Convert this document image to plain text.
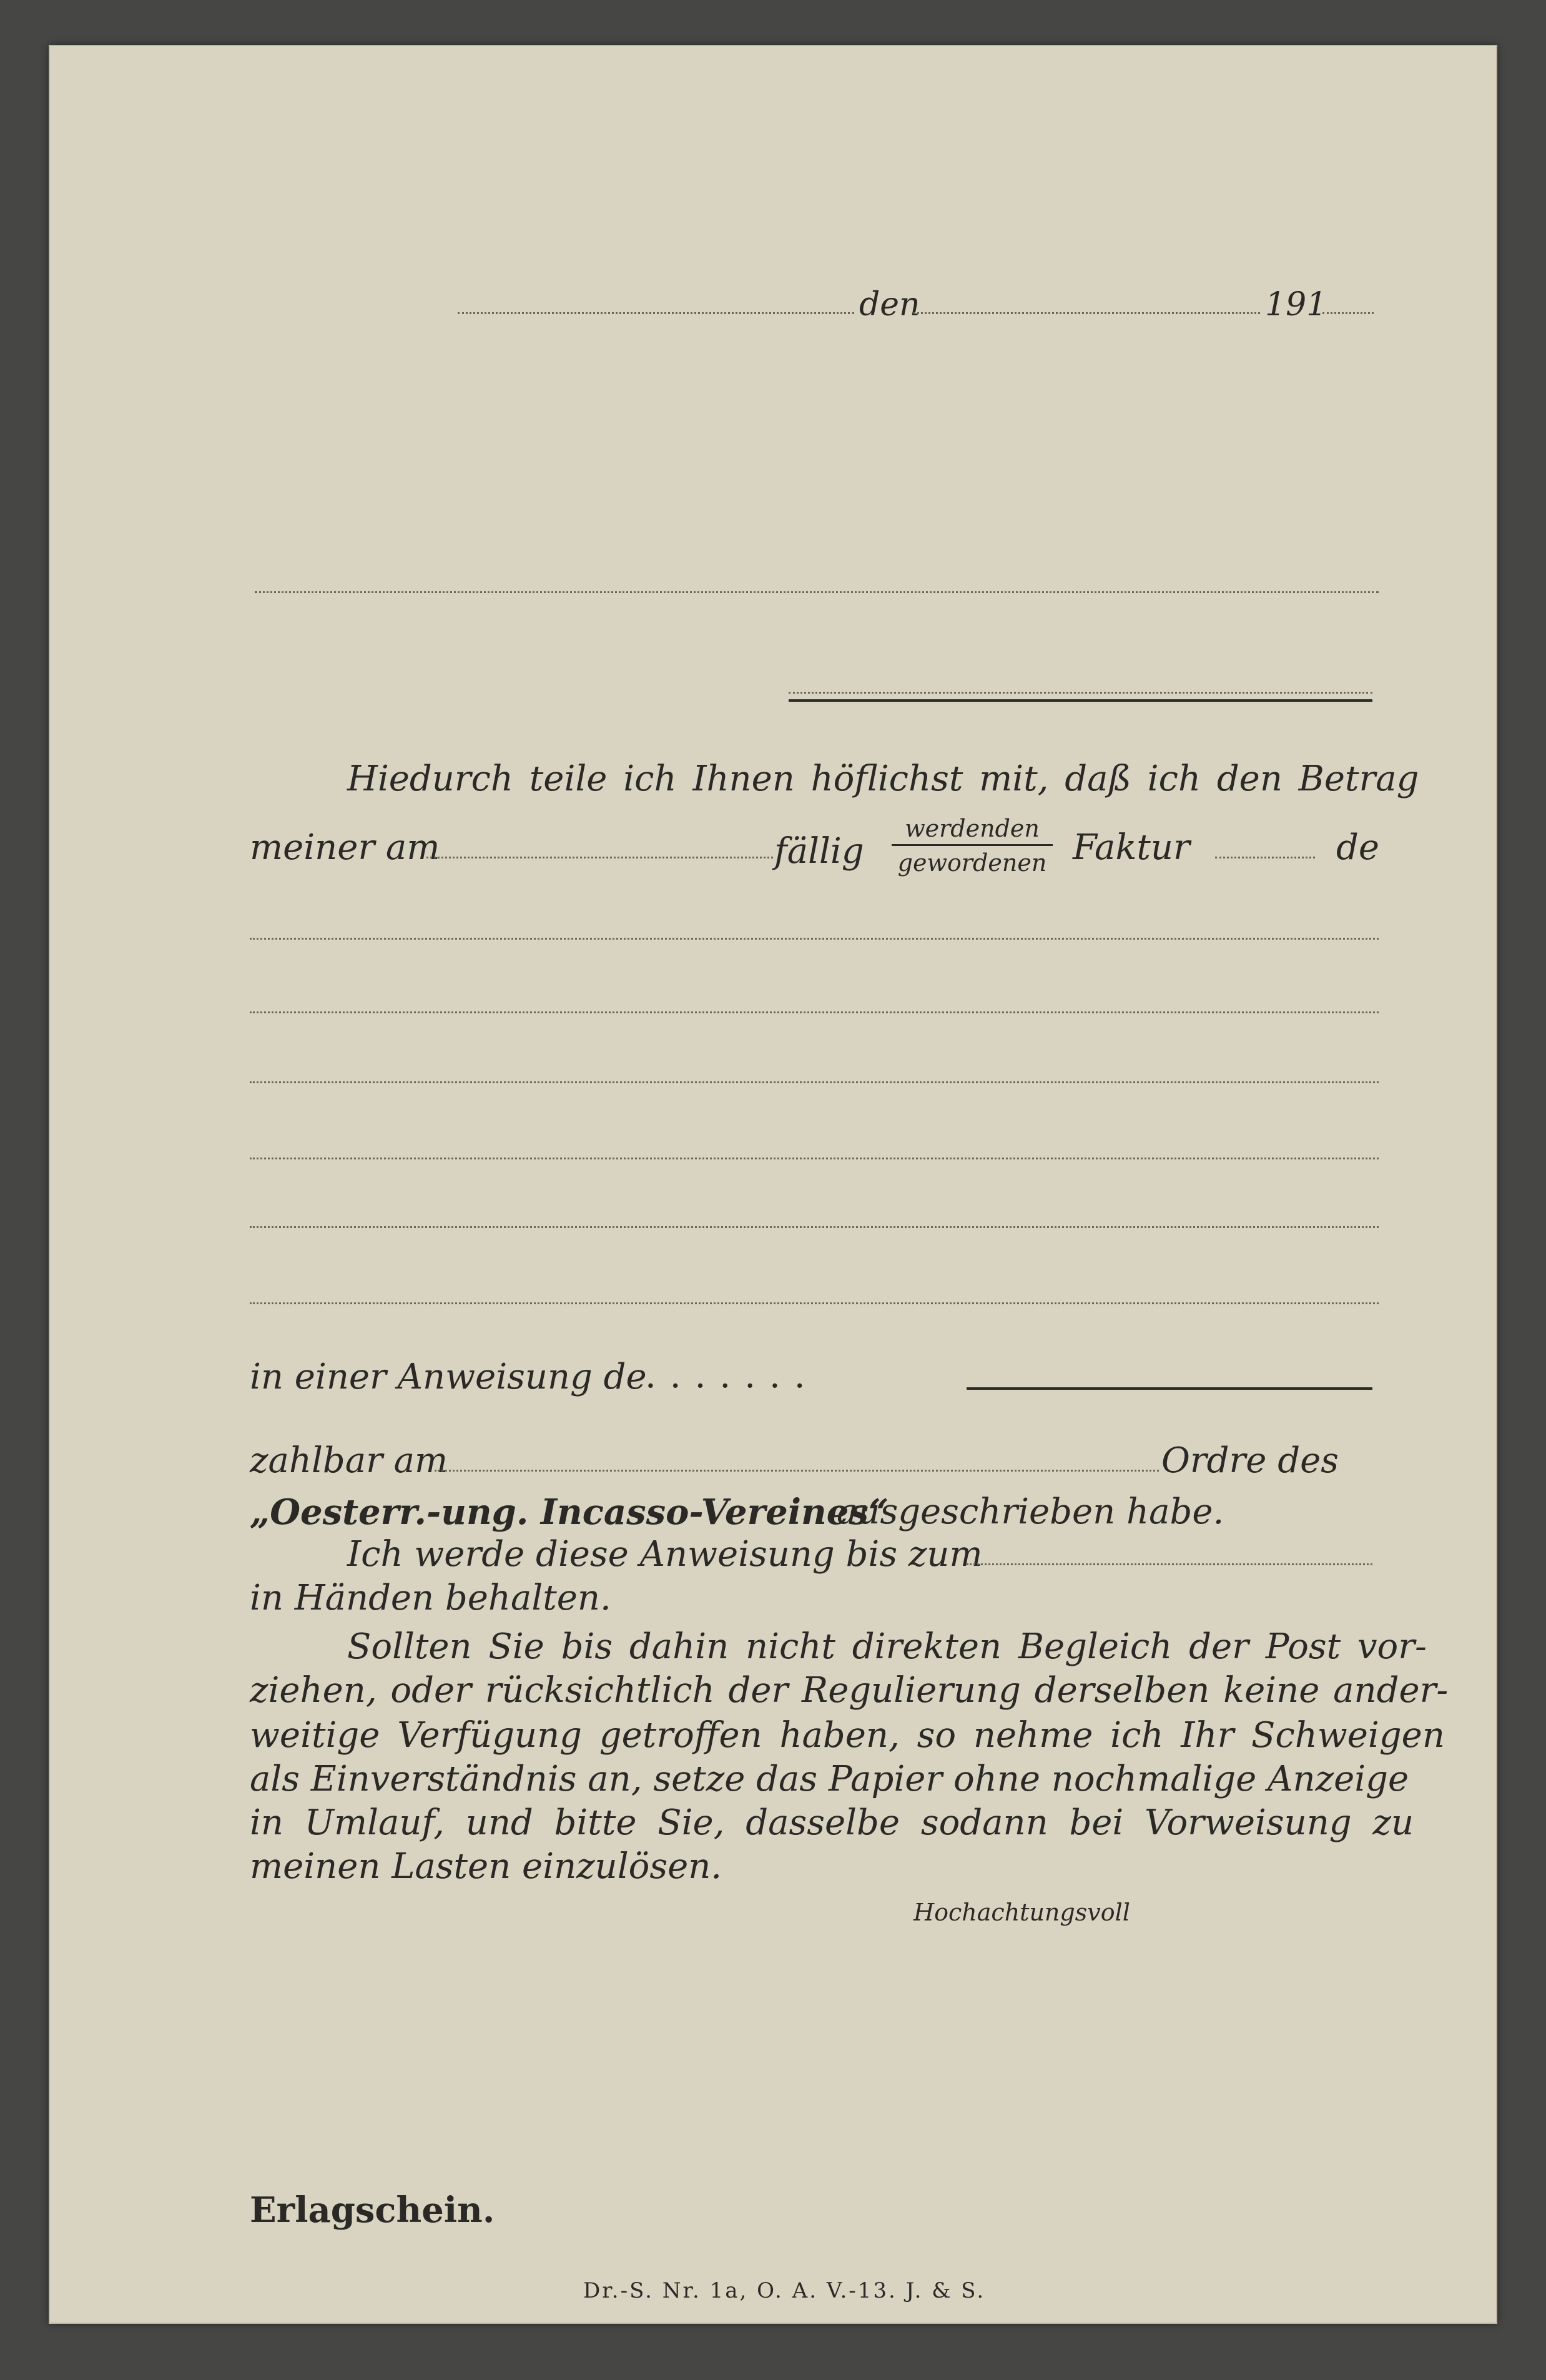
den	191
Hiedurch teile ich Ihnen höflichst mit, daß ich den Betrag
meiner am	fällig
werdenden
gewordenen Faktur	de
in einer Anweisung de
.......
zahlbar am	Ordre des
„Oesterr.-ung. Incasso-Vereines“
ausgeschrieben habe.
Ich werde diese Anweisung bis zum
in Händen behalten.
Sollten Sie bis dahin nicht direkten Begleich der Post vor-
ziehen, oder rücksichtlich der Regulierung derselben keine ander-
weitige Verfügung getroffen haben, so nehme ich Ihr Schweigen
als Einverständnis an, setze das Papier ohne nochmalige Anzeige
in Umlauf, und bitte Sie, dasselbe sodann bei Vorweisung zu
meinen Lasten einzulösen.
Hochachtungsvoll
Erlagschein.
Dr.-S. Nr. 1a, O. A. V.-13. J. & S.
